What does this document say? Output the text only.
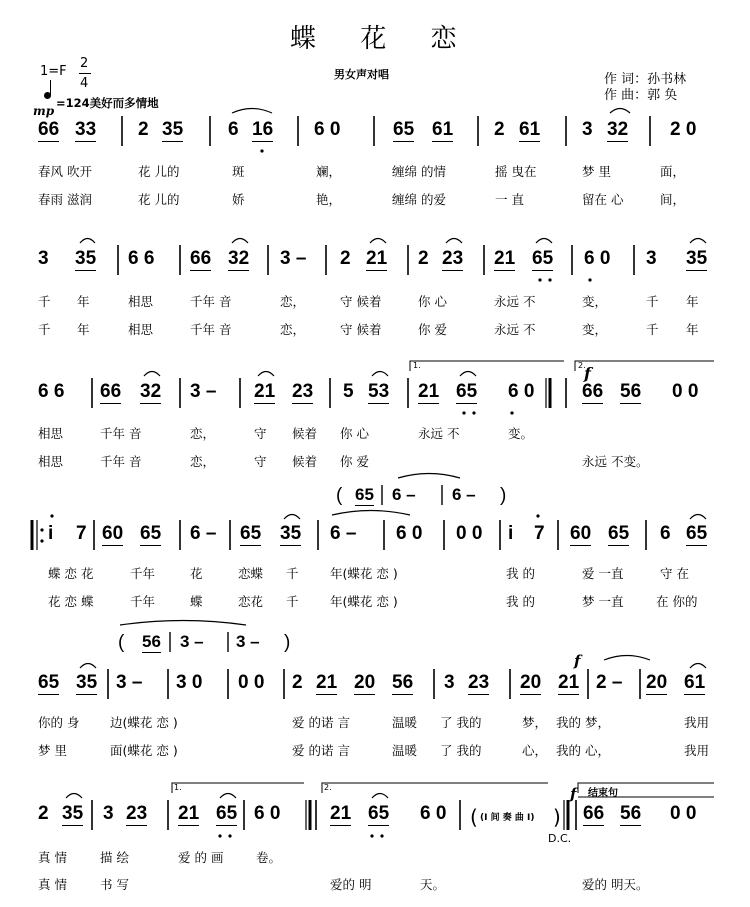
(	)
蝶 花 恋
1=F
2
4
=124美好而多情地
mp
男女声对唱	作 词：孙书林
作 曲：郭 奂
66 33 2 35 6 16 6 0	65 61 2 61 3 32 2 0
春风 吹开	花 儿的	斑	斓，	缠绵 的情	摇 曳在	梦 里	面，
春雨 滋润	花 儿的	娇	艳，	缠绵 的爱	一 直	留在 心	间，
3 35 6 6 66 32 3 – 2 21 2 23 21 65 6 0 3 35
千 年	相思	千年 音	恋，	守 候着	你 心	永远 不	变，	千 年
千 年	相思	千年 音	恋，	守 候着	你 爱	永远 不	变，	千 年
6 6 66 32 3 – 21 23 5 53 21 65 6 0	66 56 0 0
1.	2.
f
相思	千年 音	恋，	守 候着 你 心	永远 不	变。
相思	千年 音	恋，	守 候着 你 爱	永远 不变。
( 65 6 – 6 – )
i 7 60 65 6 – 65 35 6 – 6 0 0 0 i 7 60 65 6 65
蝶 恋 花	千年	花	恋蝶 千	年(蝶花 恋 )	我 的	爱 一直	守 在
花 恋 蝶	千年	蝶	恋花 千	年(蝶花 恋 )	我 的	梦 一直	在 你的
( 56 3 – 3 – )
65 35 3 – 3 0 0 0 2 21 20 56 3 23 20 21 2 – 20 61
f
你的 身 边(蝶花 恋 )	爱 的诺 言	温暖 了 我的	梦， 我的 梦，	我用
梦 里	面(蝶花 恋 )	爱 的诺 言	温暖 了 我的	心， 我的 心，	我用
2 35 3 23 21 65 6 0	21 65 6 0	66 56 0 0
1.	2.
(I 间 奏 曲 I)
D.C.
结束句
f
真 情	描 绘	爱 的 画	卷。
真 情	书 写	爱的 明	天。	爱的 明天。
